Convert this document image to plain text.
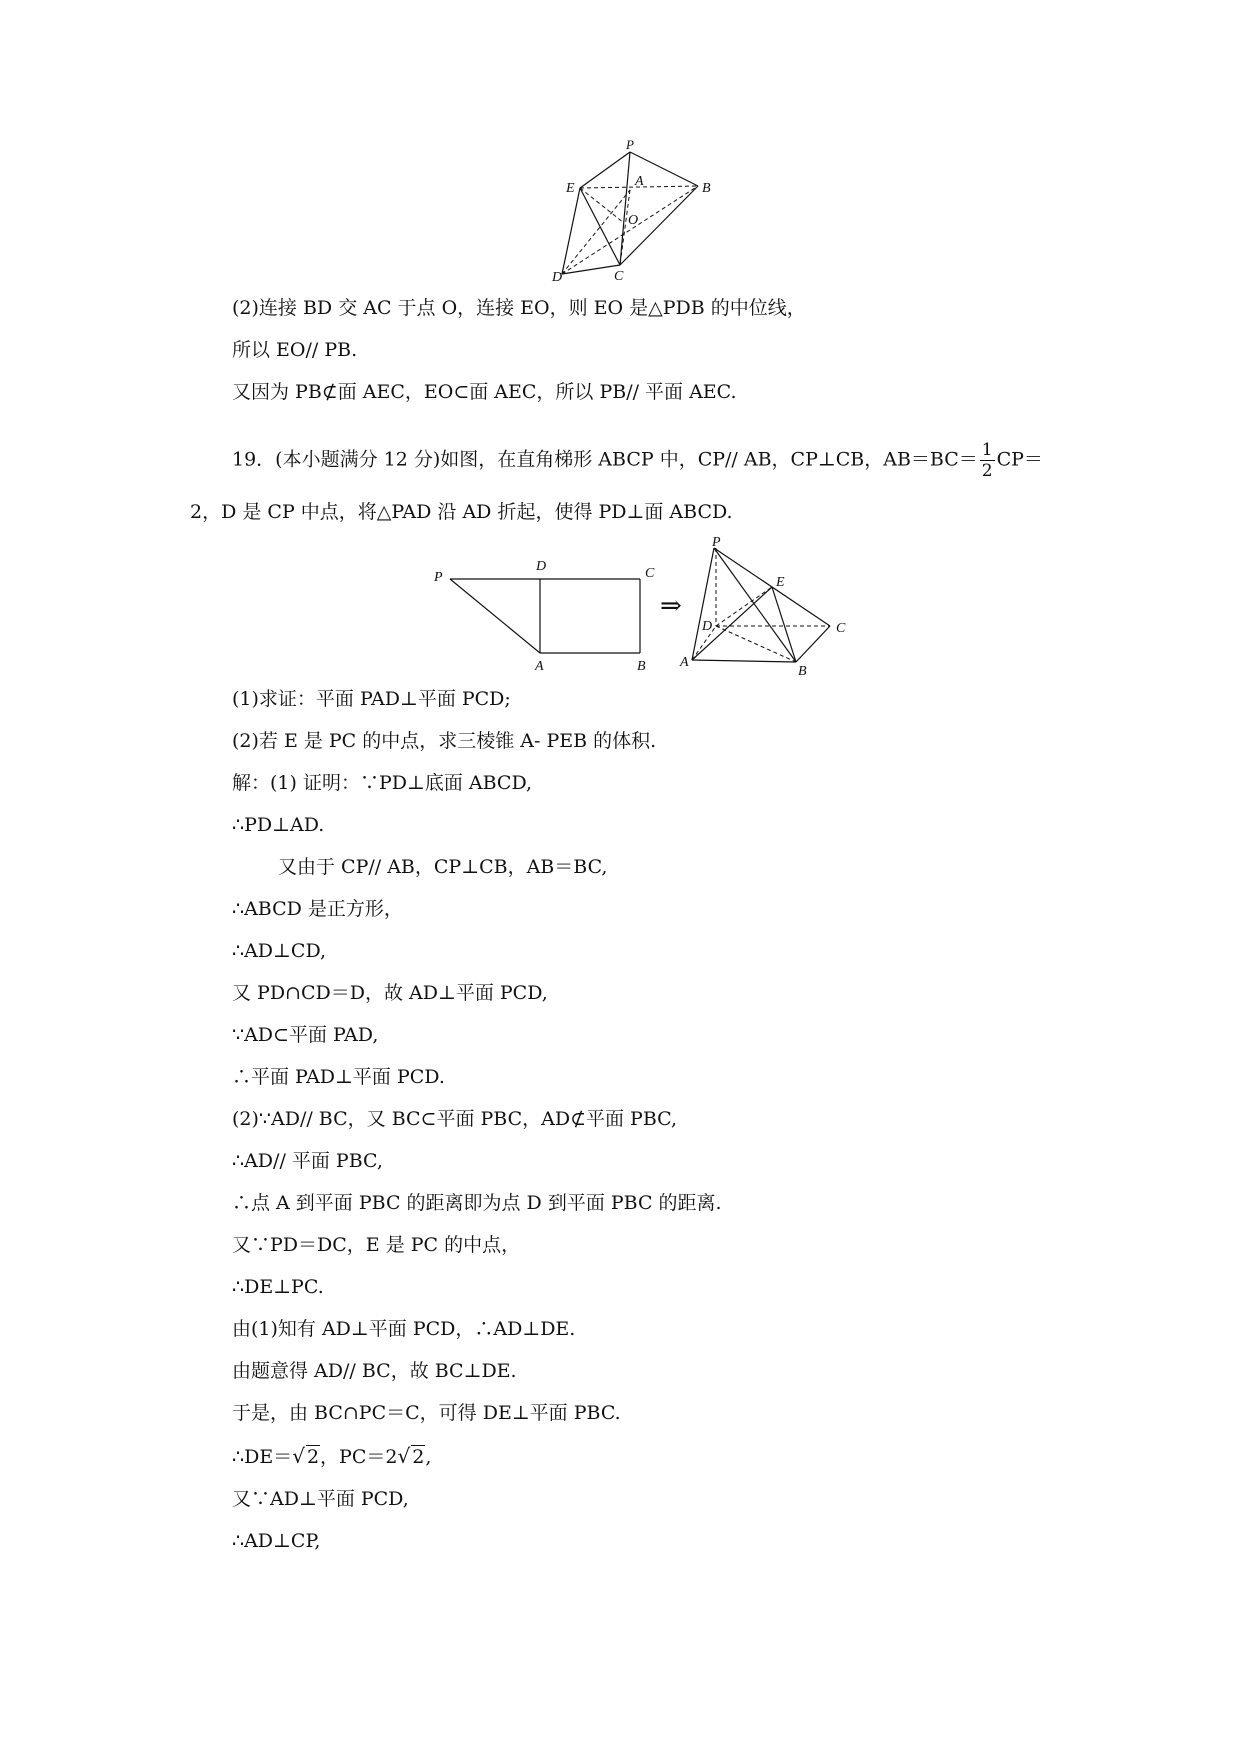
P
A	B
E
O
D	C
(2)连接 BD 交 AC 于点 O，连接 EO，则 EO 是△PDB 的中位线，
所以 EO// PB.
又因为 PB⊄面 AEC，EO⊂面 AEC，所以 PB// 平面 AEC.
19．(本小题满分 12 分)如图，在直角梯形 ABCP 中，CP// AB，CP⊥CB，$AB=BC= \frac{1}{2} CP=$
2，D 是 CP 中点，将△PAD 沿 AD 折起，使得 PD⊥面 ABCD.
P
D	C
A	B
⇒
P
E
D	C
A
B
(1)求证：平面 PAD⊥平面 PCD;
(2)若 E 是 PC 的中点，求三棱锥 A- PEB 的体积.
解：(1) 证明：∵PD⊥底面 ABCD,
∴PD⊥AD.
又由于 CP// AB，CP⊥CB，AB＝BC,
∴ABCD 是正方形，
∴AD⊥CD,
又 PD∩CD＝D，故 AD⊥平面 PCD,
∵AD⊂平面 PAD,
∴平面 PAD⊥平面 PCD.
(2)∵AD// BC，又 BC⊂平面 PBC，AD⊄平面 PBC,
∴AD// 平面 PBC,
∴点 A 到平面 PBC 的距离即为点 D 到平面 PBC 的距离.
又∵PD＝DC，E 是 PC 的中点，
∴DE⊥PC.
由(1)知有 AD⊥平面 PCD，∴AD⊥DE.
由题意得 AD// BC，故 BC⊥DE.
于是，由 BC∩PC＝C，可得 DE⊥平面 PBC.
∴DE＝√ 2，PC＝2√ 2,
又∵AD⊥平面 PCD,
∴AD⊥CP,
